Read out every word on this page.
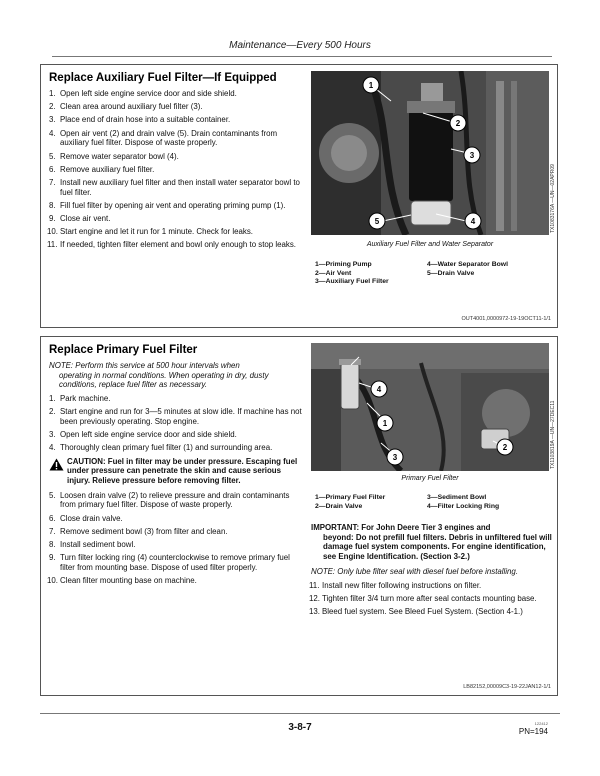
Maintenance—Every 500 Hours
Replace Auxiliary Fuel Filter—If Equipped
1. Open left side engine service door and side shield.
2. Clean area around auxiliary fuel filter (3).
3. Place end of drain hose into a suitable container.
4. Open air vent (2) and drain valve (5). Drain contaminants from auxiliary fuel filter. Dispose of waste properly.
5. Remove water separator bowl (4).
6. Remove auxiliary fuel filter.
7. Install new auxiliary fuel filter and then install water separator bowl to fuel filter.
8. Fill fuel filter by opening air vent and operating priming pump (1).
9. Close air vent.
10. Start engine and let it run for 1 minute. Check for leaks.
11. If needed, tighten filter element and bowl only enough to stop leaks.
1
2
3
4
5	TX1083176A —UN—02APR09
Auxiliary Fuel Filter and Water Separator
1—Priming Pump
2—Air Vent
3—Auxiliary Fuel Filter
4—Water Separator Bowl
5—Drain Valve
OUT4001,0000972-19-19OCT11-1/1
Replace Primary Fuel Filter

NOTE: Perform this service at 500 hour intervals when
operating in normal conditions. When operating in dry, dusty conditions, replace fuel filter as necessary.

1. Park machine.
2. Start engine and run for 3—5 minutes at slow idle. If machine has not been previously operating. Stop engine.
3. Open left side engine service door and side shield.
4. Thoroughly clean primary fuel filter (1) and surrounding area.
CAUTION: Fuel in filter may be under pressure. Escaping fuel under pressure can penetrate the skin and cause serious injury. Relieve pressure before removing filter.
5. Loosen drain valve (2) to relieve pressure and drain contaminants from primary fuel filter. Dispose of waste properly.
6. Close drain valve.
7. Remove sediment bowl (3) from filter and clean.
8. Install sediment bowl.
9. Turn filter locking ring (4) counterclockwise to remove primary fuel filter from mounting base. Dispose of used filter properly.
10. Clean filter mounting base on machine.
1
2
3
4
TX1103819A —UN—27DEC11
Primary Fuel Filter
1—Primary Fuel Filter
2—Drain Valve
3—Sediment Bowl
4—Filter Locking Ring

IMPORTANT: For John Deere Tier 3 engines and
beyond: Do not prefill fuel filters. Debris in unfiltered fuel will damage fuel system components. For engine identification, see Engine Identification. (Section 3-2.)

NOTE: Only lube filter seal with diesel fuel before installing.

11. Install new filter following instructions on filter.
12. Tighten filter 3/4 turn more after seal contacts mounting base.
13. Bleed fuel system. See Bleed Fuel System. (Section 4-1.)
LB82152,00009C3-19-22JAN12-1/1
3-8-7	122412
PN=194
